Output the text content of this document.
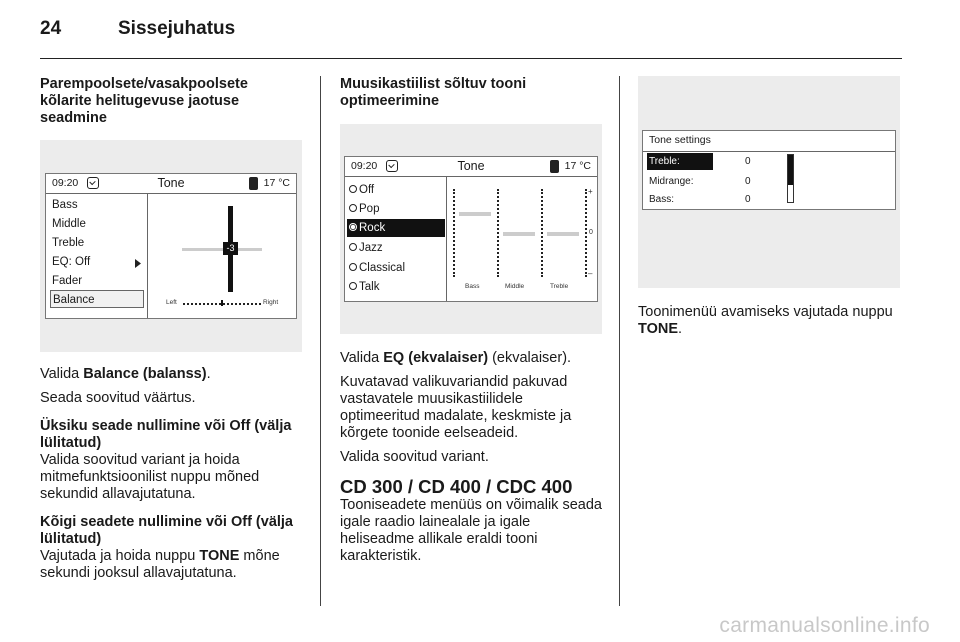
24	Sissejuhatus
Parempoolsete/vasakpoolsete kõlarite helitugevuse jaotuse seadmine
09:20	Tone	17 °C
Bass
Middle
Treble
EQ: Off
Fader
Balance
-3
Left	Right

Valida Balance (balanss).

Seada soovitud väärtus.

Üksiku seade nullimine või Off (välja lülitatud)

Valida soovitud variant ja hoida mitmefunktsioonilist nuppu mõned sekundid allavajutatuna.

Kõigi seadete nullimine või Off (välja lülitatud)

Vajutada ja hoida nuppu TONE mõne sekundi jooksul allavajutatuna.

Muusikastiilist sõltuv tooni optimeerimine
09:20	Tone	17 °C
Off
Pop
Rock
Jazz
Classical
Talk
+
0
–
Bass	Middle	Treble

Valida EQ (ekvalaiser) (ekvalaiser).

Kuvatavad valikuvariandid pakuvad vastavatele muusikastiilidele optimeeritud madalate, keskmiste ja kõrgete toonide eelseadeid.

Valida soovitud variant.

CD 300 / CD 400 / CDC 400

Tooniseadete menüüs on võimalik seada igale raadio lainealale ja igale heliseadme allikale eraldi tooni karakteristik.

Tone settings
Treble:	0
Midrange:	0
Bass:	0

Toonimenüü avamiseks vajutada nuppu TONE.

carmanualsonline.info
